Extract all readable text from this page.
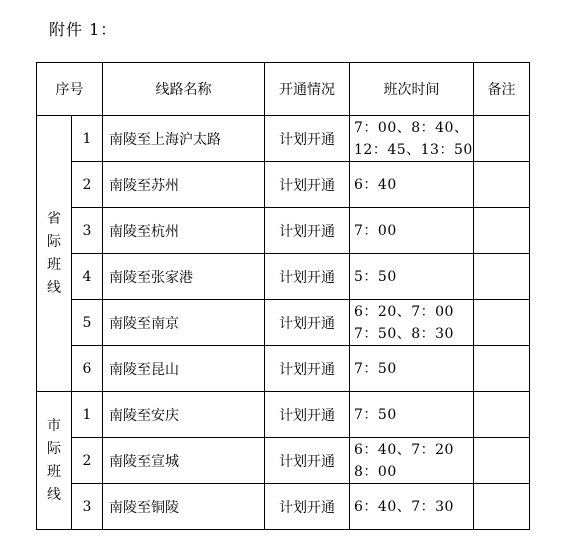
附件 1：
序号		线路名称	开通情况	班次时间	备注

省
际
班
线	1	南陵至上海沪太路	计划开通	7：00、8：40、
12：45、13：50	

	2	南陵至苏州	计划开通	6：40	

	3	南陵至杭州	计划开通	7：00	

	4	南陵至张家港	计划开通	5：50	

	5	南陵至南京	计划开通	6：20、7：00
7：50、8：30	

	6	南陵至昆山	计划开通	7：50	

市
际
班
线	1	南陵至安庆	计划开通	7：50	

	2	南陵至宣城	计划开通	6：40、7：20
8：00	

	3	南陵至铜陵	计划开通	6：40、7：30	
